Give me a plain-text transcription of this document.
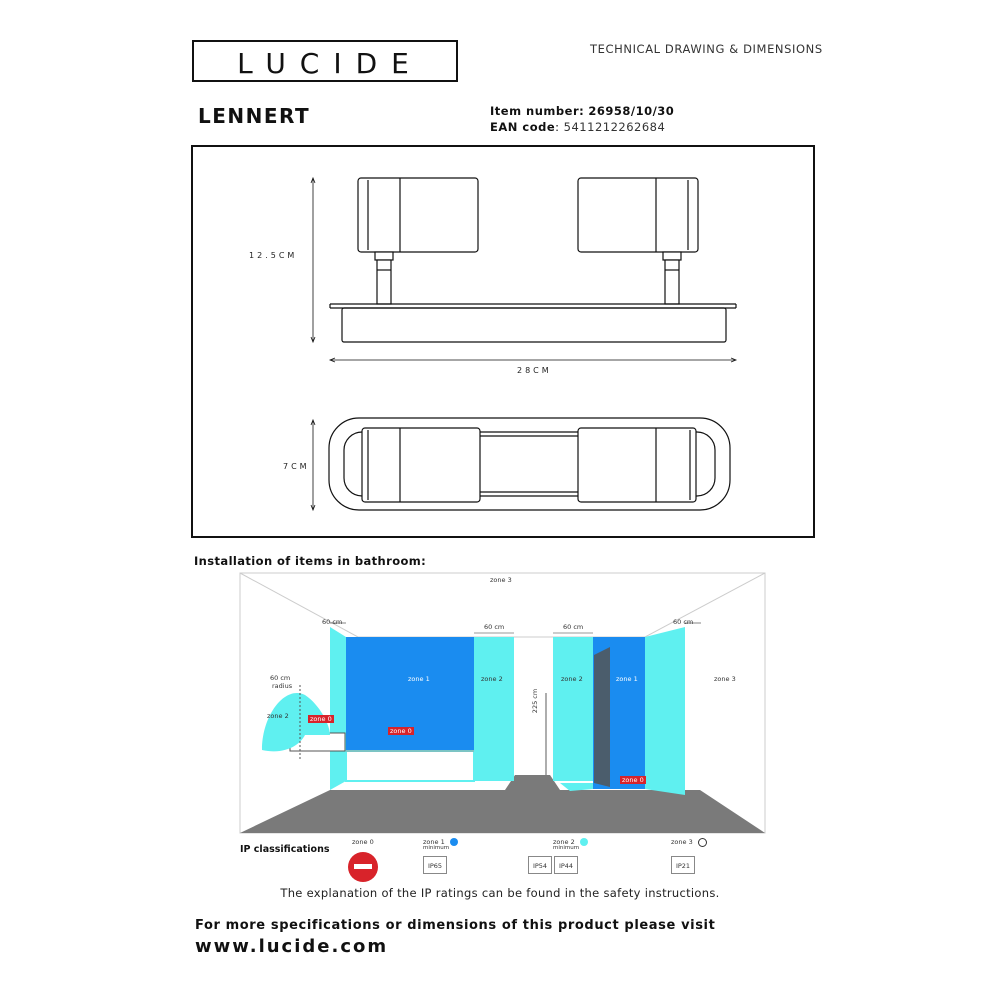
LUCIDE	TECHNICAL DRAWING & DIMENSIONS
LENNERT	Item number: 26958/10/30
EAN code: 5411212262684
12.5CM
28CM
7CM
Installation of items in bathroom:
zone 3
zone 3
zone 1	zone 2	zone 2	zone 1
zone 2	zone 0
zone 0
zone 0
60 cm
60 cm	60 cm
60 cm
60 cm
radius
225 cm
IP classifications
zone 0	zone 1
minimum
IP65
zone 2
minimum
IP54	IP44
zone 3
IP21
The explanation of the IP ratings can be found in the safety instructions.
For more specifications or dimensions of this product please visit
www.lucide.com
